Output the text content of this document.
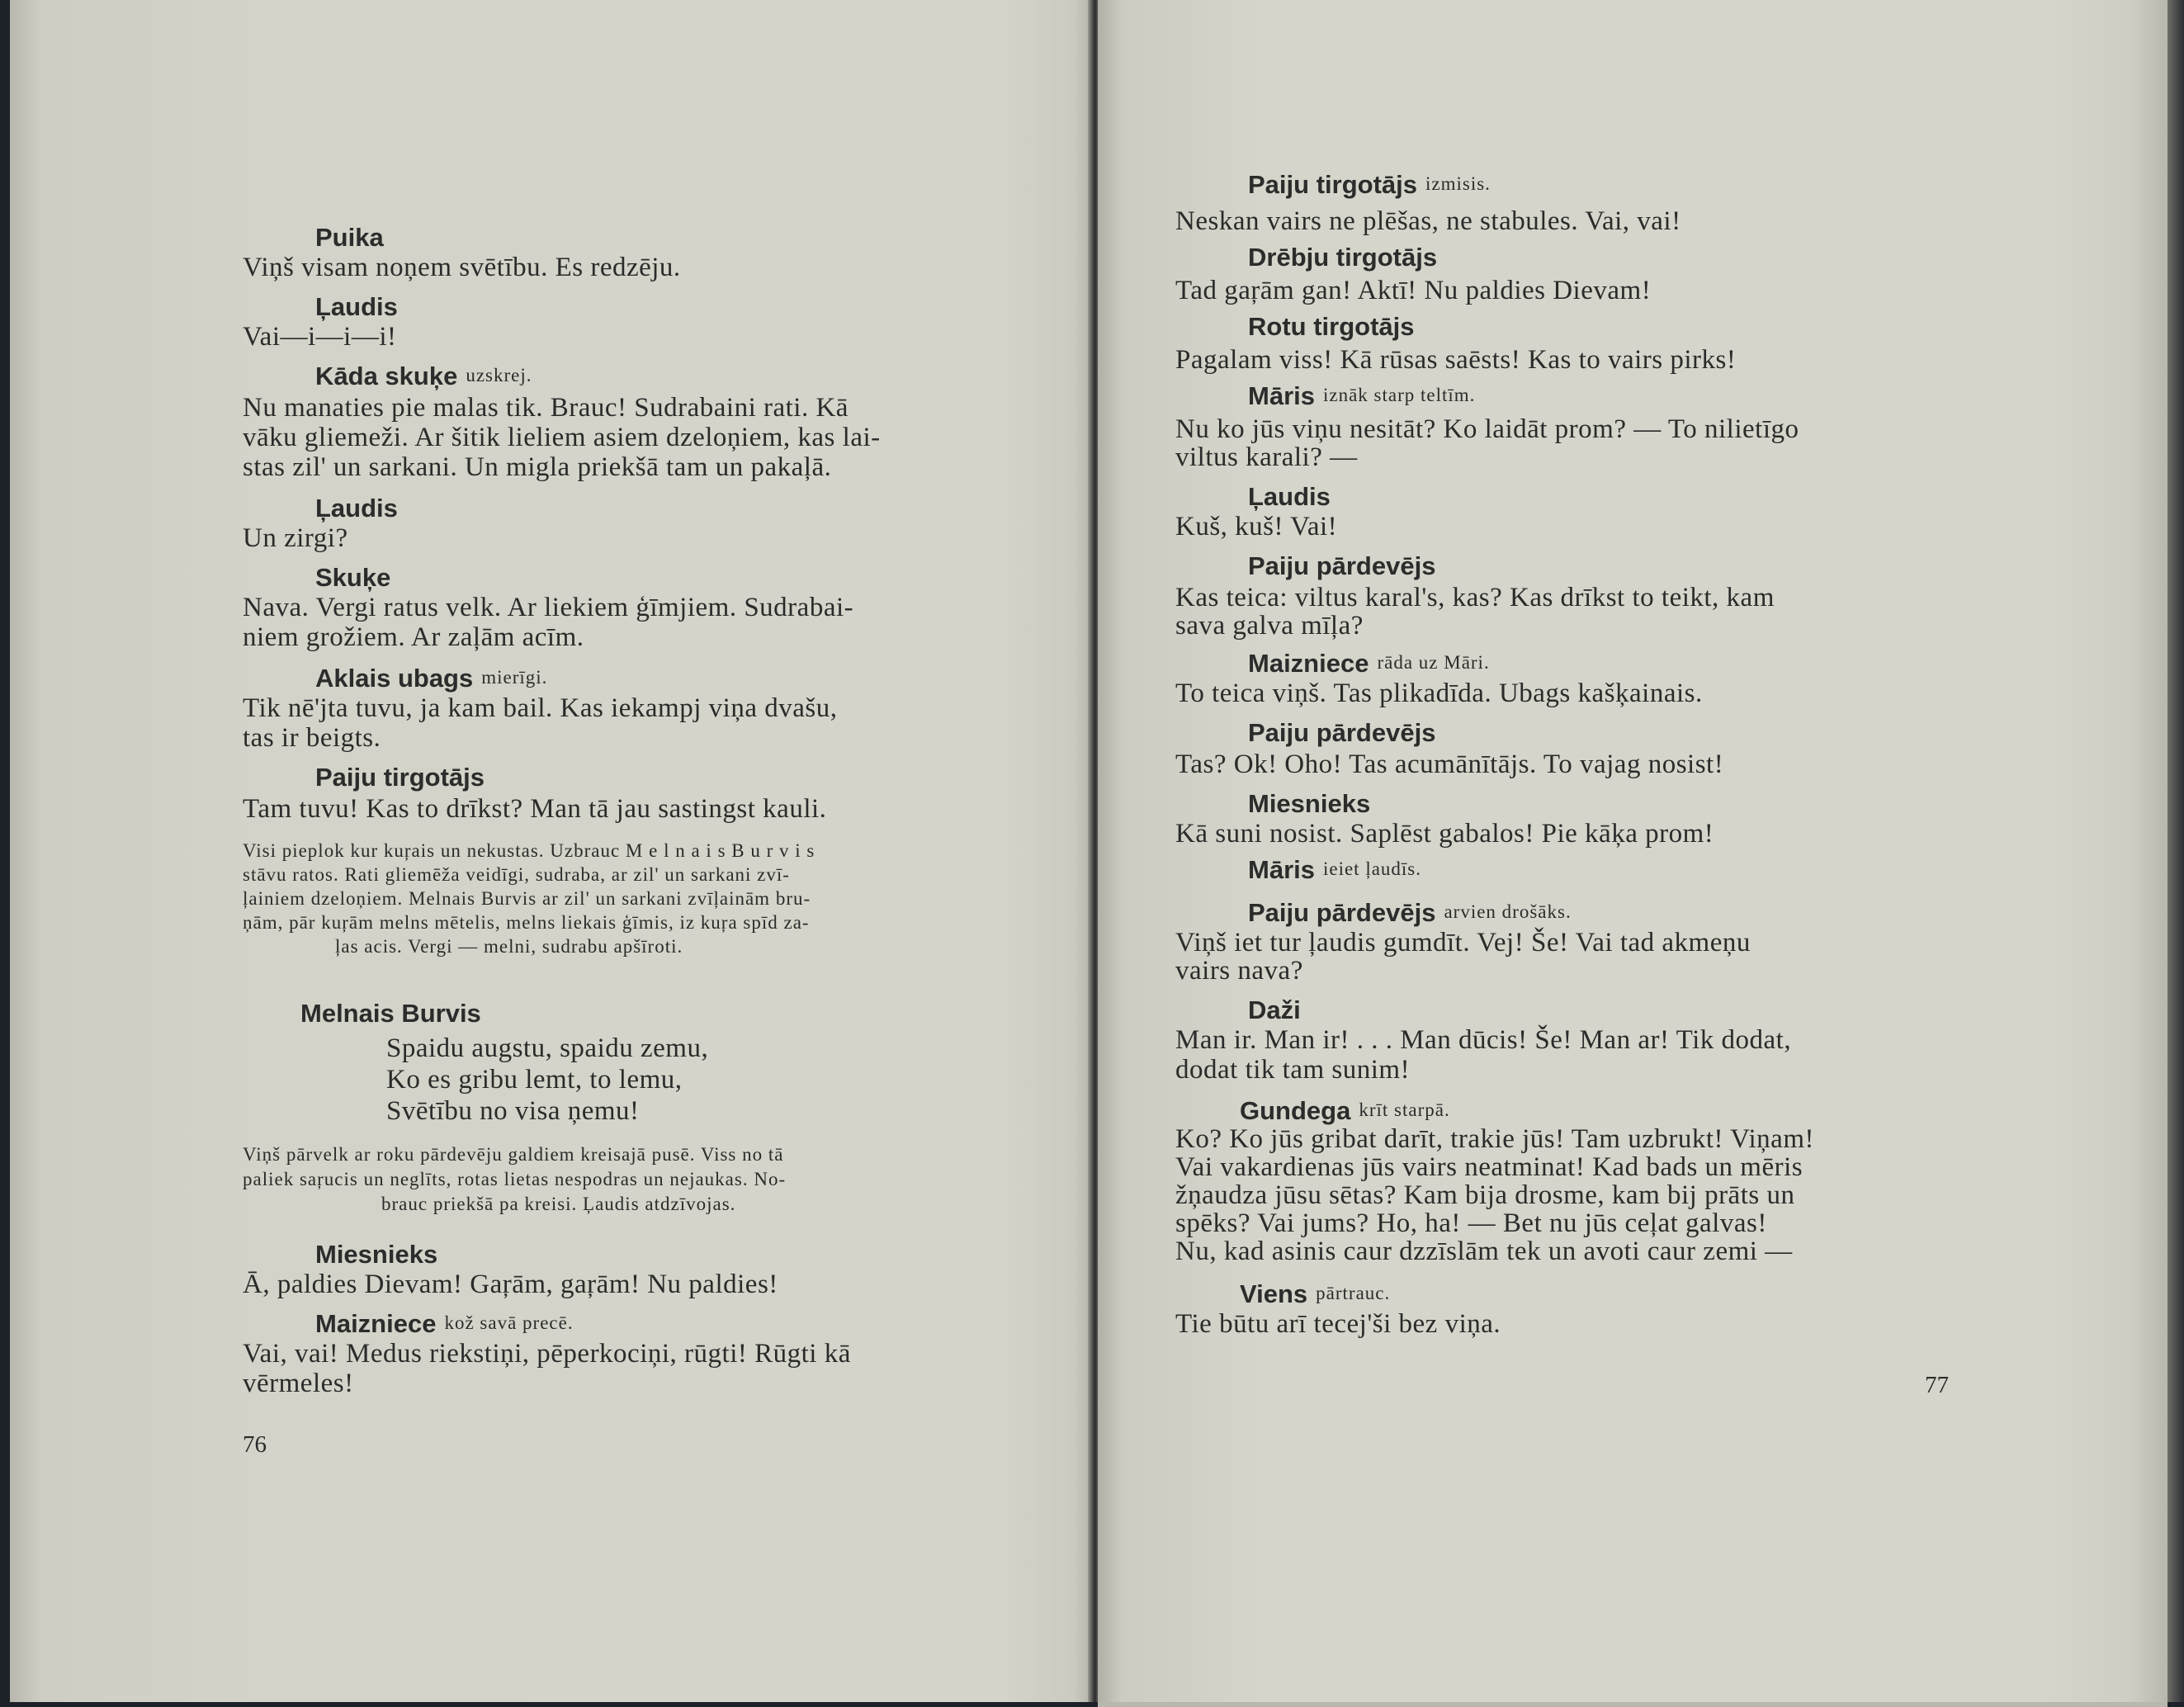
Puika
Viņš visam noņem svētību. Es redzēju.
Ļaudis
Vai—i—i—i!
Kāda skuķe uzskrej.
Nu manaties pie malas tik. Brauc! Sudrabaini rati. Kā
vāku gliemeži. Ar šitik lieliem asiem dzeloņiem, kas lai-
stas zil' un sarkani. Un migla priekšā tam un pakaļā.
Ļaudis
Un zirgi?
Skuķe
Nava. Vergi ratus velk. Ar liekiem ģīmjiem. Sudrabai-
niem grožiem. Ar zaļām acīm.
Aklais ubags mierīgi.
Tik nē'jta tuvu, ja kam bail. Kas iekampj viņa dvašu,
tas ir beigts.
Paiju tirgotājs
Tam tuvu! Kas to drīkst? Man tā jau sastingst kauli.
Visi pieplok kur kuŗais un nekustas. Uzbrauc M e l n a i s B u r v i s
stāvu ratos. Rati gliemēža veidīgi, sudraba, ar zil' un sarkani zvī-
ļainiem dzeloņiem. Melnais Burvis ar zil' un sarkani zvīļainām bru-
ņām, pār kuŗām melns mētelis, melns liekais ģīmis, iz kuŗa spīd za-
ļas acis. Vergi — melni, sudrabu apšīroti.
Melnais Burvis
Spaidu augstu, spaidu zemu,
Ko es gribu lemt, to lemu,
Svētību no visa ņemu!
Viņš pārvelk ar roku pārdevēju galdiem kreisajā pusē. Viss no tā
paliek saŗucis un neglīts, rotas lietas nespodras un nejaukas. No-
brauc priekšā pa kreisi. Ļaudis atdzīvojas.
Miesnieks
Ā, paldies Dievam! Gaŗām, gaŗām! Nu paldies!
Maizniece kož savā precē.
Vai, vai! Medus riekstiņi, pēperkociņi, rūgti! Rūgti kā
vērmeles!
76
Paiju tirgotājs izmisis.
Neskan vairs ne plēšas, ne stabules. Vai, vai!
Drēbju tirgotājs
Tad gaŗām gan! Aktī! Nu paldies Dievam!
Rotu tirgotājs
Pagalam viss! Kā rūsas saēsts! Kas to vairs pirks!
Māris iznāk starp teltīm.
Nu ko jūs viņu nesitāt? Ko laidāt prom? — To nilietīgo
viltus karali? —
Ļaudis
Kuš, kuš! Vai!
Paiju pārdevējs
Kas teica: viltus karal's, kas? Kas drīkst to teikt, kam
sava galva mīļa?
Maizniece rāda uz Māri.
To teica viņš. Tas plikadīda. Ubags kašķainais.
Paiju pārdevējs
Tas? Ok! Oho! Tas acumānītājs. To vajag nosist!
Miesnieks
Kā suni nosist. Saplēst gabalos! Pie kāķa prom!
Māris ieiet ļaudīs.
Paiju pārdevējs arvien drošāks.
Viņš iet tur ļaudis gumdīt. Vej! Še! Vai tad akmeņu
vairs nava?
Daži
Man ir. Man ir! . . . Man dūcis! Še! Man ar! Tik dodat,
dodat tik tam sunim!
Gundega krīt starpā.
Ko? Ko jūs gribat darīt, trakie jūs! Tam uzbrukt! Viņam!
Vai vakardienas jūs vairs neatminat! Kad bads un mēris
žņaudza jūsu sētas? Kam bija drosme, kam bij prāts un
spēks? Vai jums? Ho, ha! — Bet nu jūs ceļat galvas!
Nu, kad asinis caur dzzīslām tek un avoti caur zemi —
Viens pārtrauc.
Tie būtu arī tecej'ši bez viņa.
77
